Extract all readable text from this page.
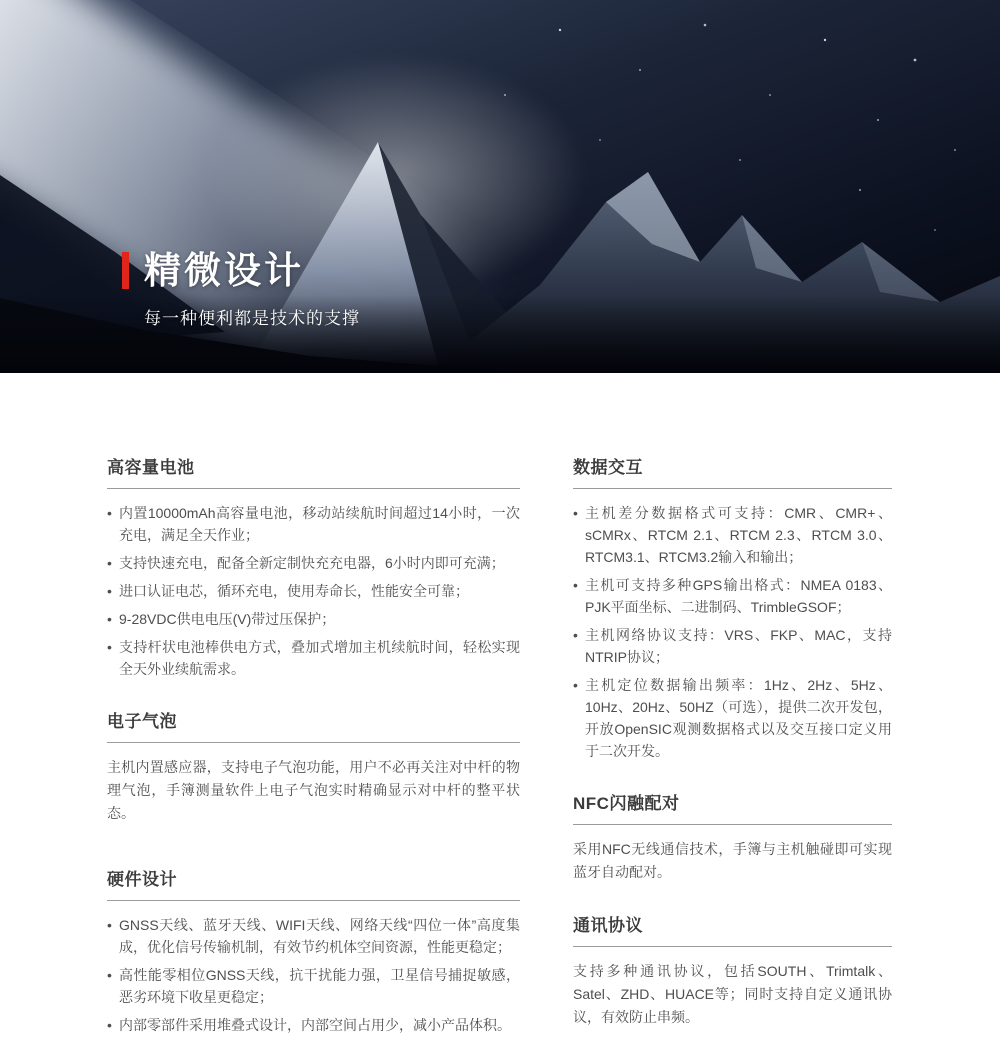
精微设计

每一种便利都是技术的支撑

高容量电池
• 内置10000mAh高容量电池，移动站续航时间超过14小时，一次充电，满足全天作业；
• 支持快速充电，配备全新定制快充充电器，6小时内即可充满；
• 进口认证电芯，循环充电，使用寿命长，性能安全可靠；
• 9-28VDC供电电压(V)带过压保护；
• 支持杆状电池棒供电方式，叠加式增加主机续航时间，轻松实现全天外业续航需求。
电子气泡

主机内置感应器，支持电子气泡功能，用户不必再关注对中杆的物理气泡，手簿测量软件上电子气泡实时精确显示对中杆的整平状态。

硬件设计
• GNSS天线、蓝牙天线、WIFI天线、网络天线“四位一体”高度集成，优化信号传输机制，有效节约机体空间资源，性能更稳定；
• 高性能零相位GNSS天线，抗干扰能力强，卫星信号捕捉敏感，恶劣环境下收星更稳定；
• 内部零部件采用堆叠式设计，内部空间占用少，减小产品体积。
数据交互
• 主机差分数据格式可支持：CMR、CMR+、sCMRx、RTCM 2.1、RTCM 2.3、RTCM 3.0、RTCM3.1、RTCM3.2输入和输出；
• 主机可支持多种GPS输出格式：NMEA 0183、PJK平面坐标、二进制码、TrimbleGSOF；
• 主机网络协议支持：VRS、FKP、MAC，支持NTRIP协议；
• 主机定位数据输出频率：1Hz、2Hz、5Hz、10Hz、20Hz、50HZ（可选），提供二次开发包，开放OpenSIC观测数据格式以及交互接口定义用于二次开发。
NFC闪融配对

采用NFC无线通信技术，手簿与主机触碰即可实现蓝牙自动配对。

通讯协议

支持多种通讯协议，包括SOUTH、Trimtalk、Satel、ZHD、HUACE等；同时支持自定义通讯协议，有效防止串频。
